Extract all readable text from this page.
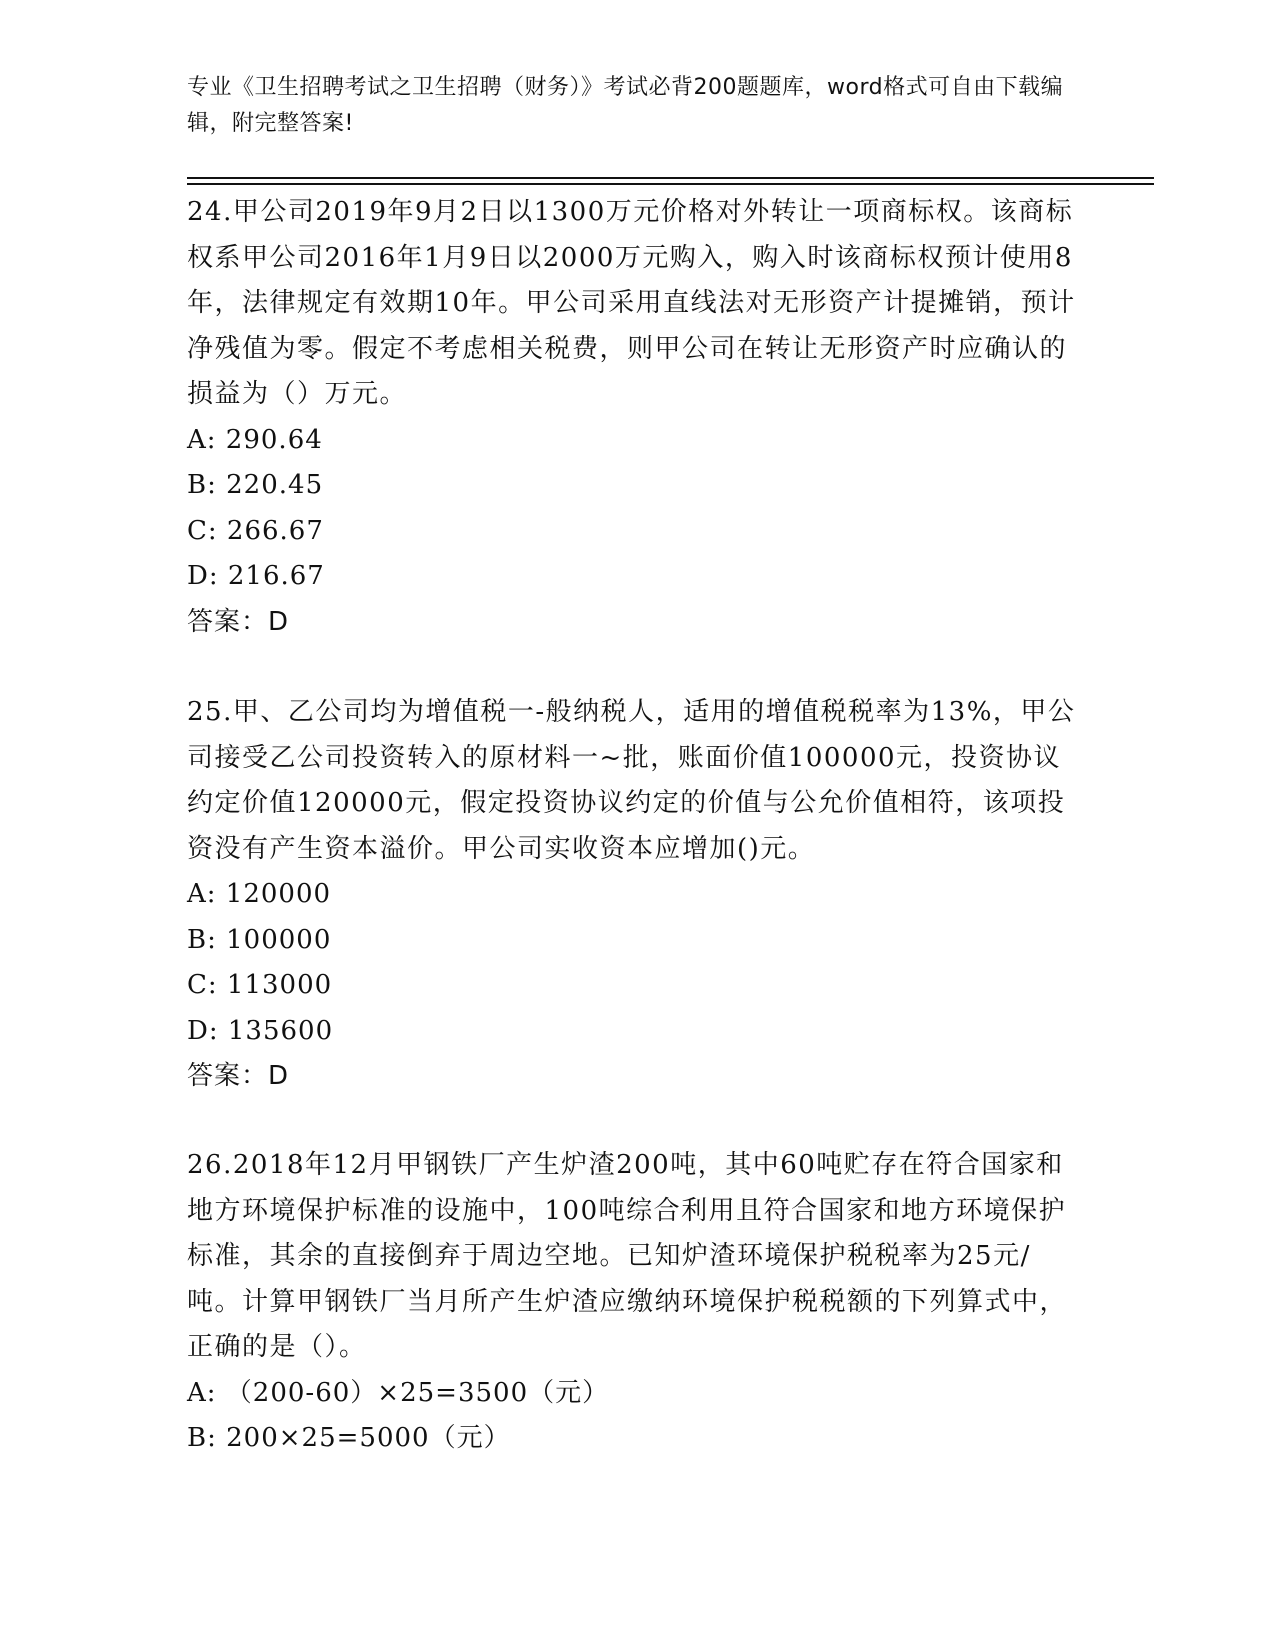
专业《卫生招聘考试之卫生招聘（财务）》考试必背200题题库，word格式可自由下载编辑，附完整答案!

24.甲公司2019年9月2日以1300万元价格对外转让一项商标权。该商标权系甲公司2016年1月9日以2000万元购入，购入时该商标权预计使用8年，法律规定有效期10年。甲公司采用直线法对无形资产计提摊销，预计净残值为零。假定不考虑相关税费，则甲公司在转让无形资产时应确认的损益为（）万元。

A: 290.64

B: 220.45

C: 266.67

D: 216.67

答案：D

25.甲、乙公司均为增值税一-般纳税人，适用的增值税税率为13%，甲公司接受乙公司投资转入的原材料一~批，账面价值100000元，投资协议约定价值120000元，假定投资协议约定的价值与公允价值相符，该项投资没有产生资本溢价。甲公司实收资本应增加()元。

A: 120000

B: 100000

C: 113000

D: 135600

答案：D

26.2018年12月甲钢铁厂产生炉渣200吨，其中60吨贮存在符合国家和地方环境保护标准的设施中，100吨综合利用且符合国家和地方环境保护标准，其余的直接倒弃于周边空地。已知炉渣环境保护税税率为25元/吨。计算甲钢铁厂当月所产生炉渣应缴纳环境保护税税额的下列算式中，正确的是（）。

A: （200-60）×25=3500（元）

B: 200×25=5000（元）
